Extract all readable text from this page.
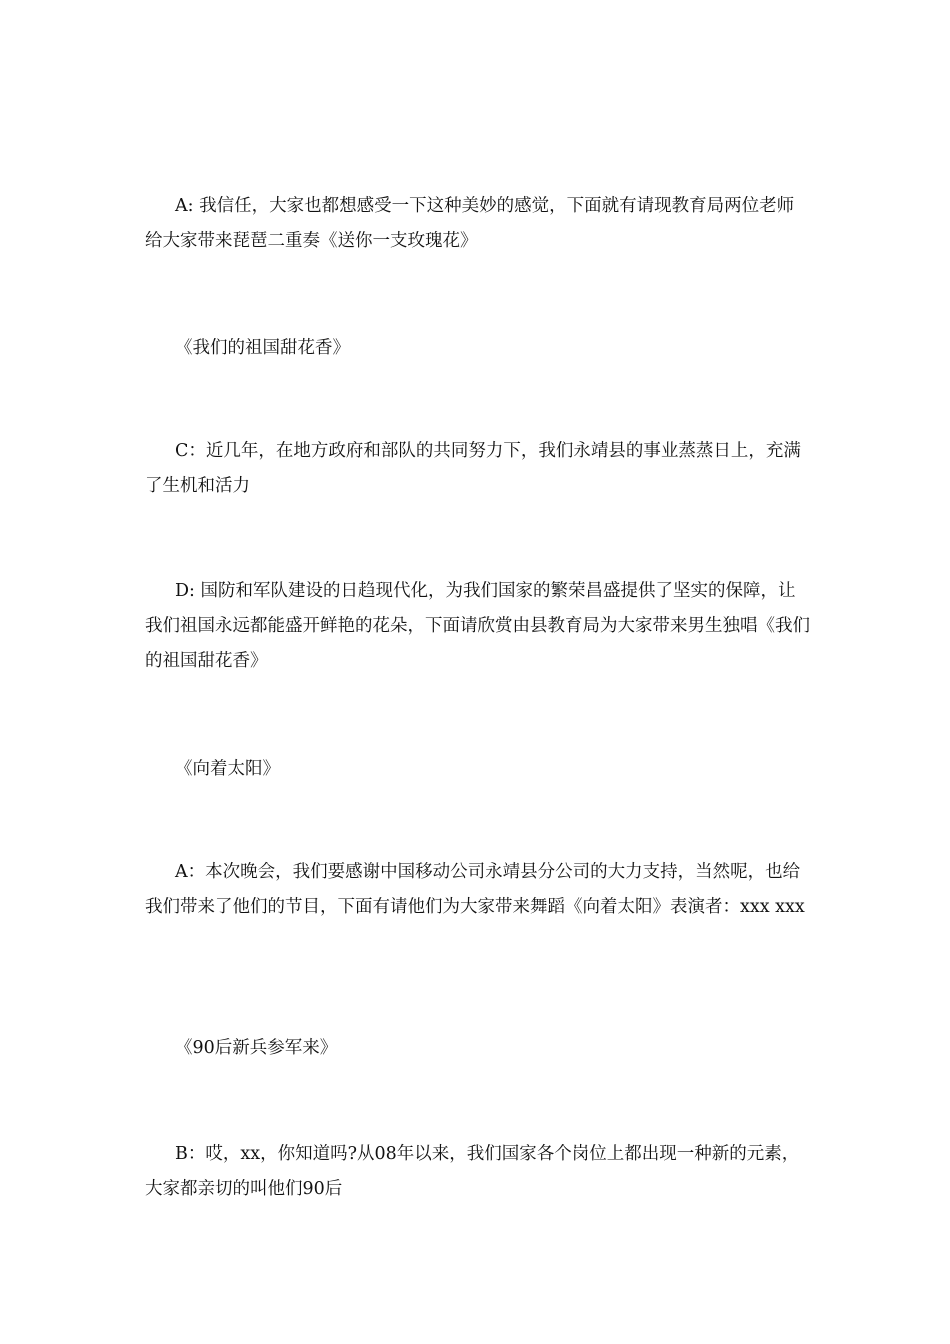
A: 我信任，大家也都想感受一下这种美妙的感觉，下面就有请现教育局两位老师给大家带来琵琶二重奏《送你一支玫瑰花》

《我们的祖国甜花香》

C：近几年，在地方政府和部队的共同努力下，我们永靖县的事业蒸蒸日上，充满了生机和活力

D: 国防和军队建设的日趋现代化，为我们国家的繁荣昌盛提供了坚实的保障，让我们祖国永远都能盛开鲜艳的花朵，下面请欣赏由县教育局为大家带来男生独唱《我们的祖国甜花香》

《向着太阳》

A：本次晚会，我们要感谢中国移动公司永靖县分公司的大力支持，当然呢，也给我们带来了他们的节目，下面有请他们为大家带来舞蹈《向着太阳》表演者：xxx xxx

《90后新兵参军来》

B：哎，xx，你知道吗?从08年以来，我们国家各个岗位上都出现一种新的元素，大家都亲切的叫他们90后
